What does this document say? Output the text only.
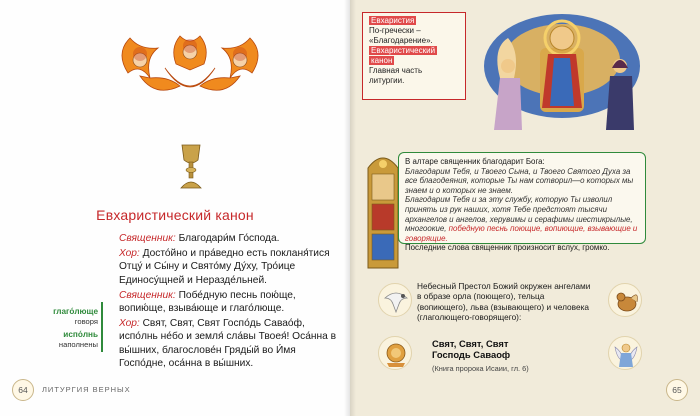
Евхаристический канон

Священник: Благодари́м Го́спода.

Хор: Досто́йно и пра́ведно есть покланя́тися Отцу́ и Сы́ну и Свято́му Ду́ху, Тро́ице Единосу́щней и Неразде́льней.

Священник: Побе́дную песнь пою́ще, вопию́ще, взыва́юще и глаго́люще.

Хор: Свят, Свят, Свят Госпо́дь Савао́ф, испо́лнь не́бо и земля́ сла́вы Твоея́! Оса́нна в вы́шних, благослове́н Гряды́й во И́мя Госпо́дне, оса́нна в вы́шних.

глаго́люще
говоря
испо́лнь
наполнены
64	ЛИТУРГИЯ ВЕРНЫХ
Евхаристия
По-гречески –
«Благодарение».
Евхаристический
канон
Главная часть литургии.
В алтаре священник благодарит Бога:
Благодарим Тебя, и Твоего Сына, и Твоего Святого Духа за все благодеяния, которые Ты нам сотворил—о которых мы знаем и о которых не знаем.
Благодарим Тебя и за эту службу, которую Ты изволил принять из рук наших, хотя Тебе предстоят тысячи архангелов и ангелов, херувимы и серафимы шестикрылые, многоокие, победную песнь поющие, вопиющие, взывающие и говорящие.
Последние слова священник произносит вслух, громко.
Небесный Престол Божий окружен ангелами в образе орла (поющего), тельца (вопиющего), льва (взывающего) и человека (глаголющего-говорящего):
Свят, Свят, Свят
Господь Саваоф
(Книга пророка Исаии, гл. 6)
65
